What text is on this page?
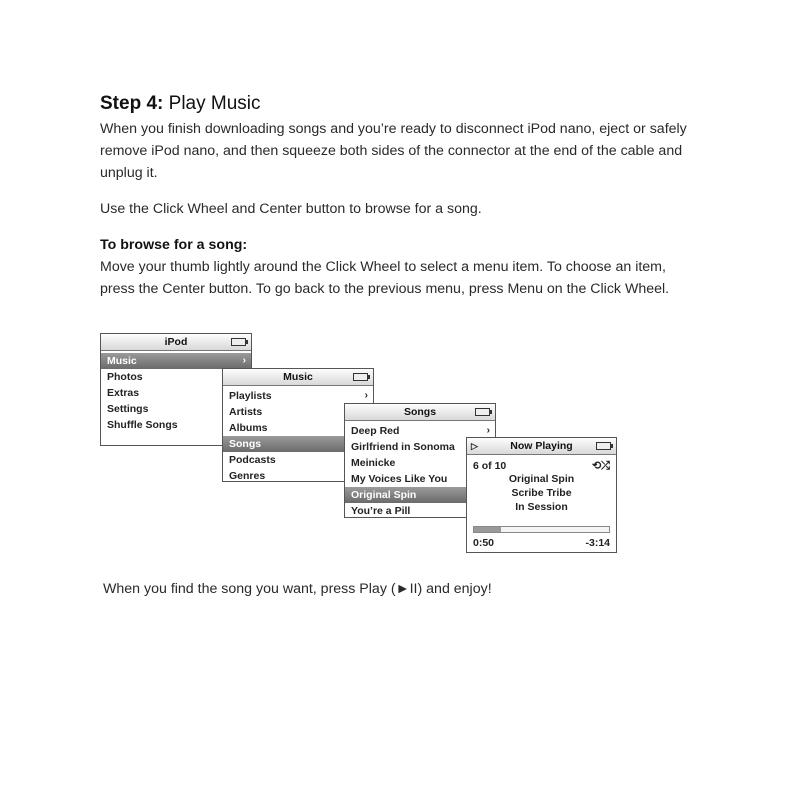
Step 4: Play Music

When you finish downloading songs and you’re ready to disconnect iPod nano, eject or safely remove iPod nano, and then squeeze both sides of the connector at the end of the cable and unplug it.

Use the Click Wheel and Center button to browse for a song.

To browse for a song:

Move your thumb lightly around the Click Wheel to select a menu item. To choose an item, press the Center button. To go back to the previous menu, press Menu on the Click Wheel.

iPod
Music	›
Photos
Extras
Settings
Shuffle Songs
Music
Playlists	›
Artists
Albums
Songs
Podcasts
Genres
Songs
Deep Red	›
Girlfriend in Sonoma
Meinicke
My Voices Like You
Original Spin
You’re a Pill
▷	Now Playing
6 of 10	⟲⤮
Original Spin
Scribe Tribe
In Session
0:50	-3:14

When you find the song you want, press Play (►II) and enjoy!
